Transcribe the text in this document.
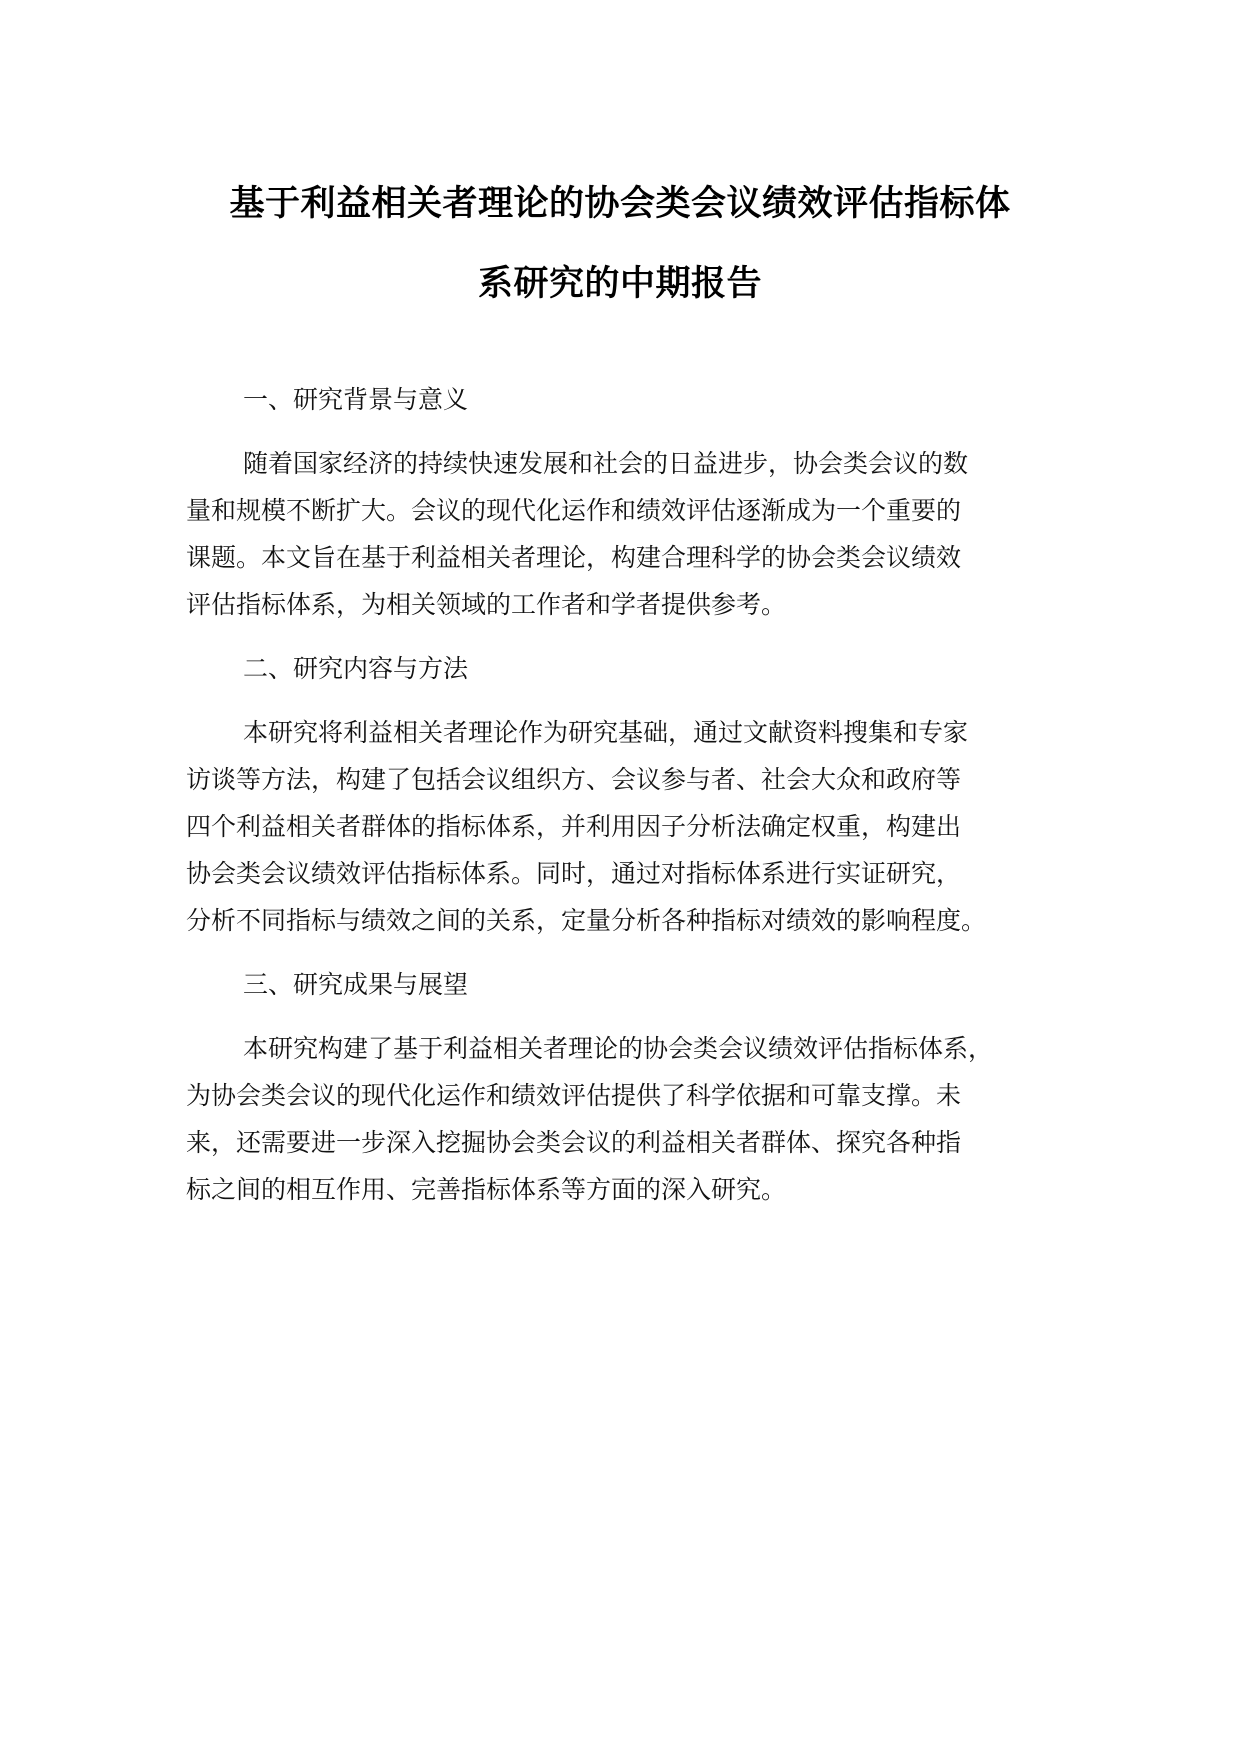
基于利益相关者理论的协会类会议绩效评估指标体
系研究的中期报告
一、研究背景与意义
随着国家经济的持续快速发展和社会的日益进步，协会类会议的数
量和规模不断扩大。会议的现代化运作和绩效评估逐渐成为一个重要的
课题。本文旨在基于利益相关者理论，构建合理科学的协会类会议绩效
评估指标体系，为相关领域的工作者和学者提供参考。
二、研究内容与方法
本研究将利益相关者理论作为研究基础，通过文献资料搜集和专家
访谈等方法，构建了包括会议组织方、会议参与者、社会大众和政府等
四个利益相关者群体的指标体系，并利用因子分析法确定权重，构建出
协会类会议绩效评估指标体系。同时，通过对指标体系进行实证研究，
分析不同指标与绩效之间的关系，定量分析各种指标对绩效的影响程度。
三、研究成果与展望
本研究构建了基于利益相关者理论的协会类会议绩效评估指标体系，
为协会类会议的现代化运作和绩效评估提供了科学依据和可靠支撑。未
来，还需要进一步深入挖掘协会类会议的利益相关者群体、探究各种指
标之间的相互作用、完善指标体系等方面的深入研究。
